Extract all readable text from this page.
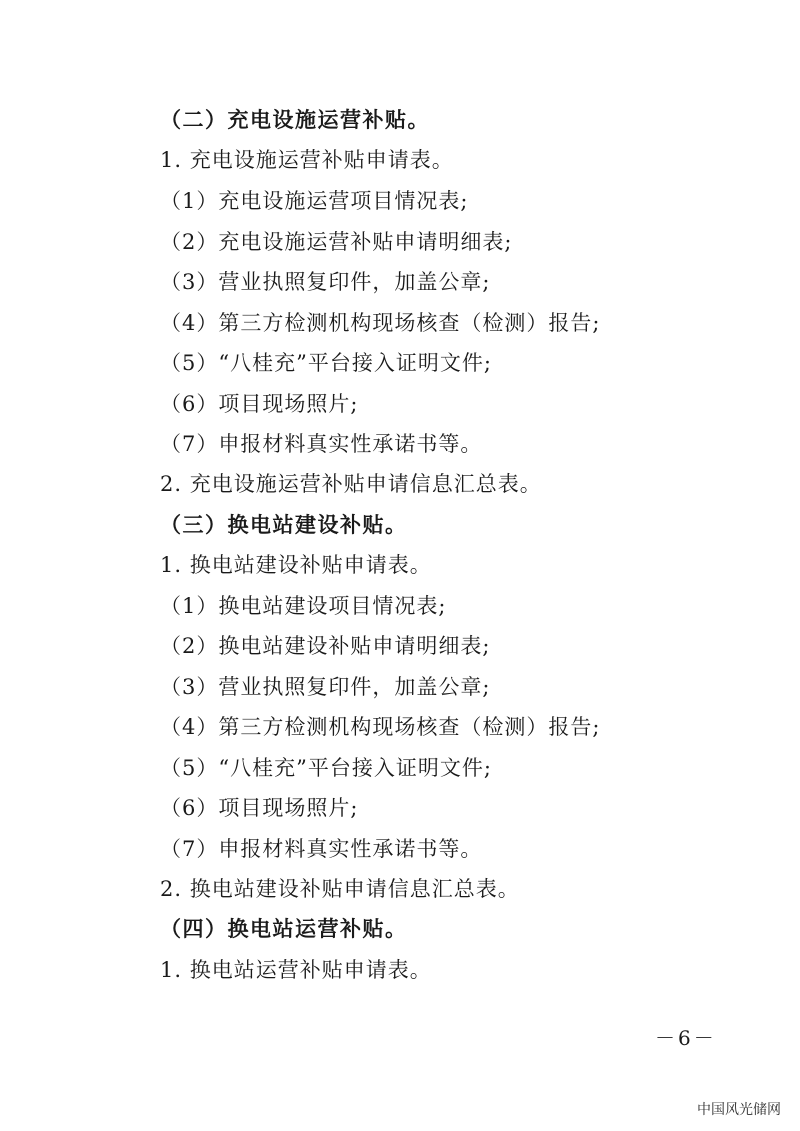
（二）充电设施运营补贴。
1. 充电设施运营补贴申请表。
（1）充电设施运营项目情况表;
（2）充电设施运营补贴申请明细表;
（3）营业执照复印件，加盖公章;
（4）第三方检测机构现场核查（检测）报告;
（5）“八桂充”平台接入证明文件;
（6）项目现场照片;
（7）申报材料真实性承诺书等。
2. 充电设施运营补贴申请信息汇总表。
（三）换电站建设补贴。
1. 换电站建设补贴申请表。
（1）换电站建设项目情况表;
（2）换电站建设补贴申请明细表;
（3）营业执照复印件，加盖公章;
（4）第三方检测机构现场核查（检测）报告;
（5）“八桂充”平台接入证明文件;
（6）项目现场照片;
（7）申报材料真实性承诺书等。
2. 换电站建设补贴申请信息汇总表。
（四）换电站运营补贴。
1. 换电站运营补贴申请表。
－6－
中国风光储网
